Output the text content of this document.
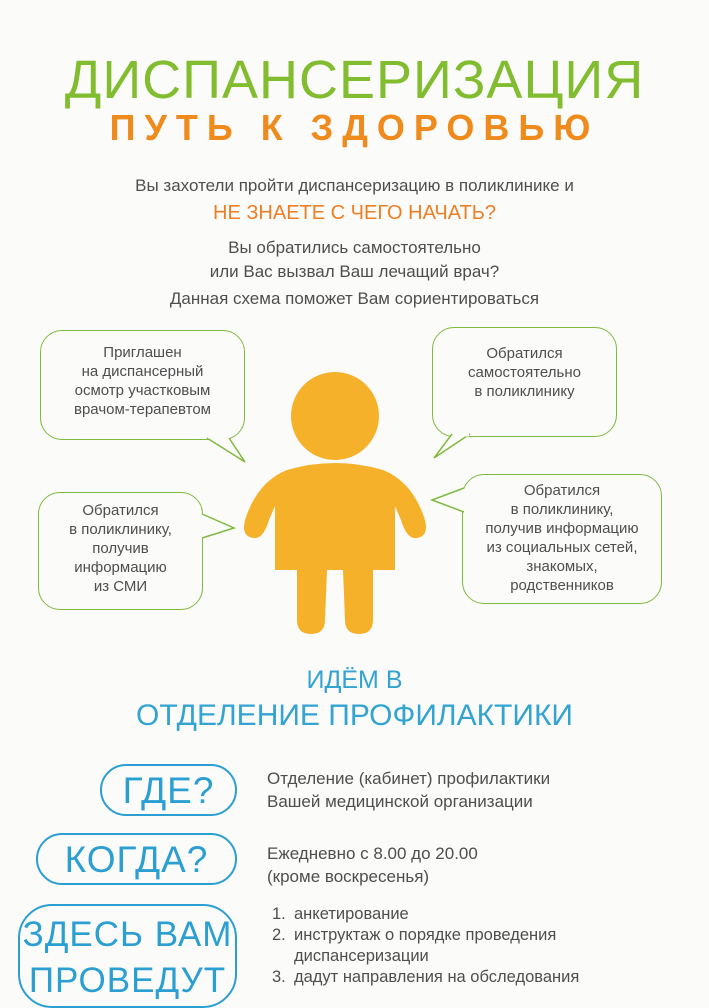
ДИСПАНСЕРИЗАЦИЯ
ПУТЬ К ЗДОРОВЬЮ
Вы захотели пройти диспансеризацию в поликлинике и
НЕ ЗНАЕТЕ С ЧЕГО НАЧАТЬ?
Вы обратились самостоятельно
или Вас вызвал Ваш лечащий врач?
Данная схема поможет Вам сориентироваться
Приглашен
на диспансерный
осмотр участковым
врачом-терапевтом
Обратился
самостоятельно
в поликлинику
Обратился
в поликлинику,
получив
информацию
из СМИ
Обратился
в поликлинику,
получив информацию
из социальных сетей,
знакомых,
родственников
ИДЁМ В
ОТДЕЛЕНИЕ ПРОФИЛАКТИКИ
ГДЕ?	Отделение (кабинет) профилактики
Вашей медицинской организации
КОГДА?	Ежедневно с 8.00 до 20.00
(кроме воскресенья)
ЗДЕСЬ ВАМ
ПРОВЕДУТ
1. анкетирование
2. инструктаж о порядке проведения диспансеризации
3. дадут направления на обследования
